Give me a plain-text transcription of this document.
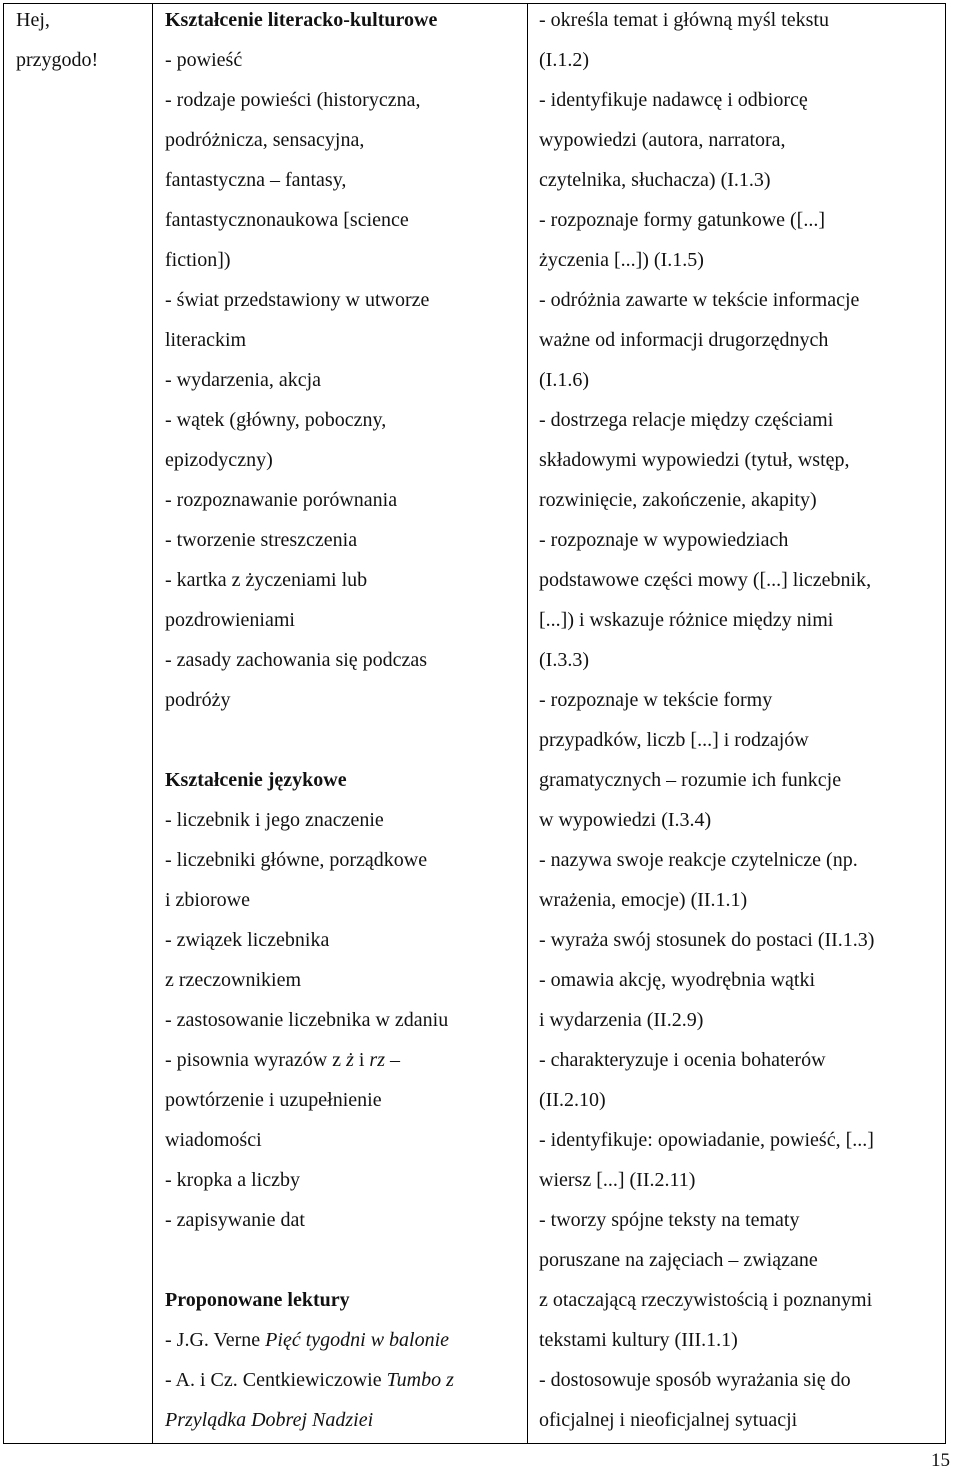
Hej,
przygodo!
Kształcenie literacko-kulturowe
- powieść
- rodzaje powieści (historyczna,
podróżnicza, sensacyjna,
fantastyczna – fantasy,
fantastycznonaukowa [science
fiction])
- świat przedstawiony w utworze
literackim
- wydarzenia, akcja
- wątek (główny, poboczny,
epizodyczny)
- rozpoznawanie porównania
- tworzenie streszczenia
- kartka z życzeniami lub
pozdrowieniami
- zasady zachowania się podczas
podróży
Kształcenie językowe
- liczebnik i jego znaczenie
- liczebniki główne, porządkowe
i zbiorowe
- związek liczebnika
z rzeczownikiem
- zastosowanie liczebnika w zdaniu
- pisownia wyrazów z ż i rz –
powtórzenie i uzupełnienie
wiadomości
- kropka a liczby
- zapisywanie dat
Proponowane lektury
- J.G. Verne Pięć tygodni w balonie
- A. i Cz. Centkiewiczowie Tumbo z
Przylądka Dobrej Nadziei
- określa temat i główną myśl tekstu
(I.1.2)
- identyfikuje nadawcę i odbiorcę
wypowiedzi (autora, narratora,
czytelnika, słuchacza) (I.1.3)
- rozpoznaje formy gatunkowe ([...]
życzenia [...]) (I.1.5)
- odróżnia zawarte w tekście informacje
ważne od informacji drugorzędnych
(I.1.6)
- dostrzega relacje między częściami
składowymi wypowiedzi (tytuł, wstęp,
rozwinięcie, zakończenie, akapity)
- rozpoznaje w wypowiedziach
podstawowe części mowy ([...] liczebnik,
[...]) i wskazuje różnice między nimi
(I.3.3)
- rozpoznaje w tekście formy
przypadków, liczb [...] i rodzajów
gramatycznych – rozumie ich funkcje
w wypowiedzi (I.3.4)
- nazywa swoje reakcje czytelnicze (np.
wrażenia, emocje) (II.1.1)
- wyraża swój stosunek do postaci (II.1.3)
- omawia akcję, wyodrębnia wątki
i wydarzenia (II.2.9)
- charakteryzuje i ocenia bohaterów
(II.2.10)
- identyfikuje: opowiadanie, powieść, [...]
wiersz [...] (II.2.11)
- tworzy spójne teksty na tematy
poruszane na zajęciach – związane
z otaczającą rzeczywistością i poznanymi
tekstami kultury (III.1.1)
- dostosowuje sposób wyrażania się do
oficjalnej i nieoficjalnej sytuacji
15
